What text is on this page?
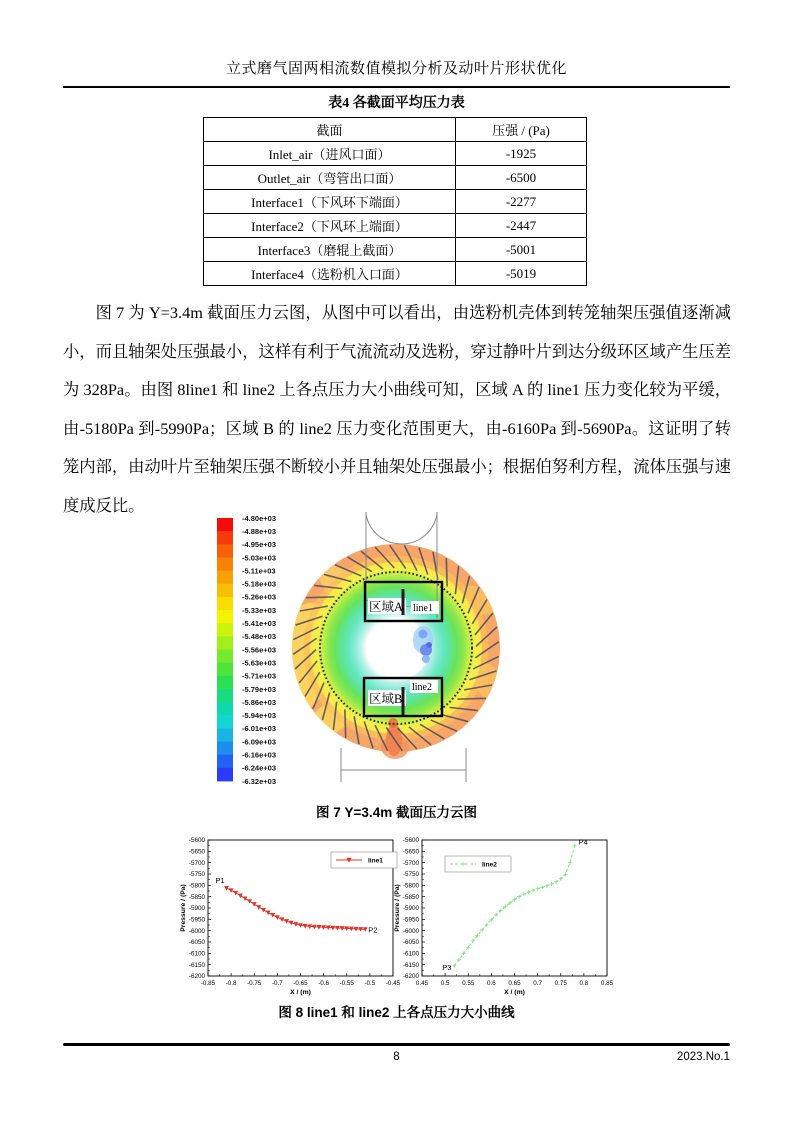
立式磨气固两相流数值模拟分析及动叶片形状优化
表4 各截面平均压力表
截面	压强 / (Pa)
Inlet_air（进风口面）	-1925
Outlet_air（弯管出口面）	-6500
Interface1（下风环下端面）	-2277
Interface2（下风环上端面）	-2447
Interface3（磨辊上截面）	-5001
Interface4（选粉机入口面）	-5019

图 7 为 Y=3.4m 截面压力云图，从图中可以看出，由选粉机壳体到转笼轴架压强值逐渐减小，而且轴架处压强最小，这样有利于气流流动及选粉，穿过静叶片到达分级环区域产生压差为 328Pa。由图 8line1 和 line2 上各点压力大小曲线可知，区域 A 的 line1 压力变化较为平缓，由-5180Pa 到-5990Pa；区域 B 的 line2 压力变化范围更大，由-6160Pa 到-5690Pa。这证明了转笼内部，由动叶片至轴架压强不断较小并且轴架处压强最小；根据伯努利方程，流体压强与速度成反比。

-4.80e+03
-4.88e+03
-4.95e+03
-5.03e+03
-5.11e+03
-5.18e+03
-5.26e+03
-5.33e+03
-5.41e+03
-5.48e+03
-5.56e+03
-5.63e+03
-5.71e+03
-5.79e+03
-5.86e+03
-5.94e+03
-6.01e+03
-6.09e+03
-6.16e+03
-6.24e+03
-6.32e+03
区域A line1
区域B
line2
图 7 Y=3.4m 截面压力云图
-0.85 -0.8 -0.75 -0.7 -0.65 -0.6 -0.55 -0.5 -0.45
-5600
-5650
-5700
-5750
-5800
-5850
-5900
-5950
-6000
-6050
-6100
-6150
-6200
X / (m)
Pressure / (Pa)
line1
P1
P2
0.45 0.5 0.55 0.6 0.65 0.7 0.75 0.8 0.85
-5600
-5650
-5700
-5750
-5800
-5850
-5900
-5950
-6000
-6050
-6100
-6150
-6200
X / (m)
Pressure / (Pa)
line2
P3
P4
图 8 line1 和 line2 上各点压力大小曲线
8	2023.No.1
